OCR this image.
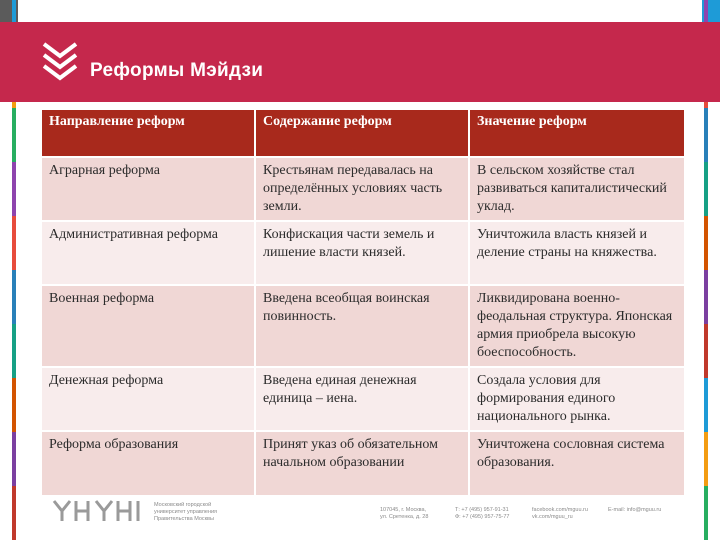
Реформы Мэйдзи
Направление реформ	Содержание реформ	Значение реформ
Аграрная реформа	Крестьянам передавалась на определённых условиях часть земли.	В сельском хозяйстве стал развиваться капиталистический уклад.
Административная реформа	Конфискация части земель и лишение власти князей.	Уничтожила власть князей и деление страны на княжества.
Военная реформа	Введена всеобщая воинская повинность.	Ликвидирована военно-феодальная структура. Японская армия приобрела высокую боеспособность.
Денежная реформа	Введена единая денежная единица – иена.	Создала условия для формирования единого национального рынка.
Реформа образования	Принят указ об обязательном начальном образовании	Уничтожена сословная система образования.
Московский городской
университет управления
Правительства Москвы
107045, г. Москва,
ул. Сретенка, д. 28
Т: +7 (495) 957-91-31
Ф: +7 (495) 957-75-77
facebook.com/mguu.ru
vk.com/mguu_ru
E-mail: info@mguu.ru
